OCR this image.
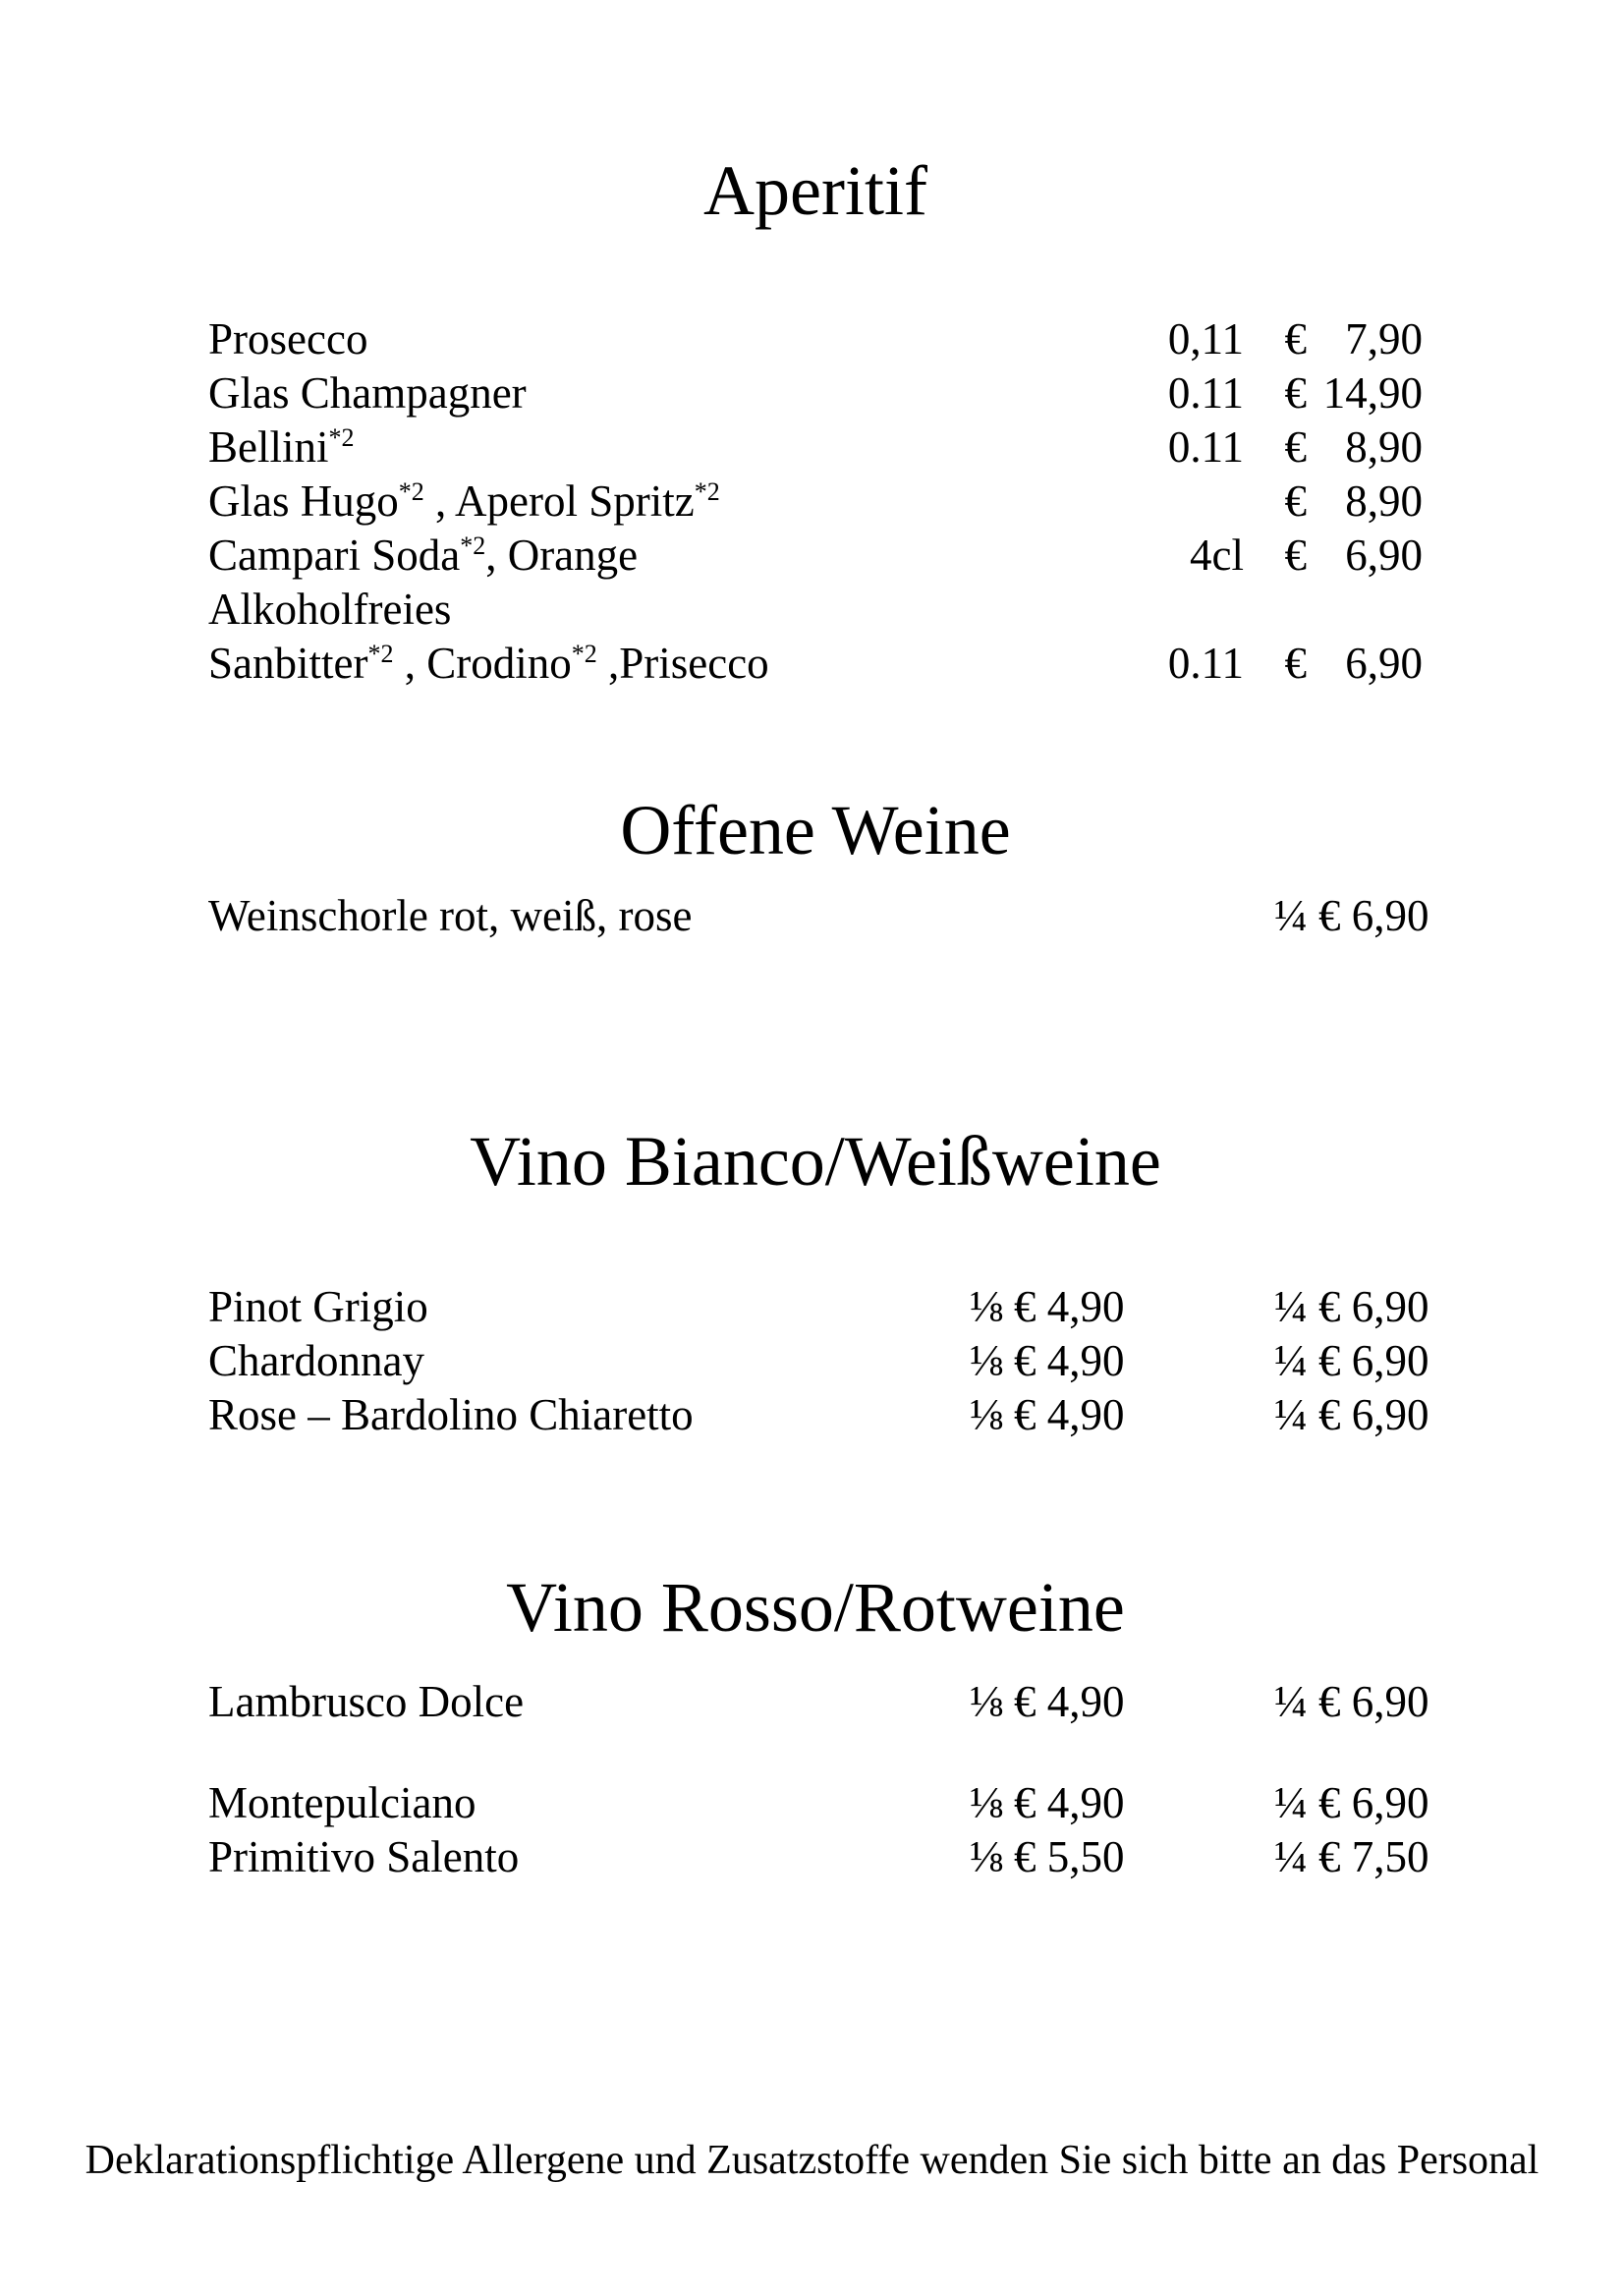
Aperitif
Prosecco	0,11 € 7,90
Glas Champagner	0.11 € 14,90
Bellini$^{*2}$	0.11 € 8,90
Glas Hugo$^{*2}$ , Aperol Spritz$^{*2}$	€ 8,90
Campari Soda$^{*2}$, Orange	4cl € 6,90
Alkoholfreies
Sanbitter$^{*2}$ , Crodino$^{*2}$ ,Prisecco	0.11 € 6,90
Offene Weine
Weinschorle rot, weiß, rose	¼ € 6,90
Vino Bianco/Weißweine
Pinot Grigio	⅛ € 4,90	¼ € 6,90
Chardonnay	⅛ € 4,90	¼ € 6,90
Rose – Bardolino Chiaretto	⅛ € 4,90	¼ € 6,90
Vino Rosso/Rotweine
Lambrusco Dolce	⅛ € 4,90	¼ € 6,90
Montepulciano	⅛ € 4,90	¼ € 6,90
Primitivo Salento	⅛ € 5,50	¼ € 7,50
Deklarationspflichtige Allergene und Zusatzstoffe wenden Sie sich bitte an das Personal
